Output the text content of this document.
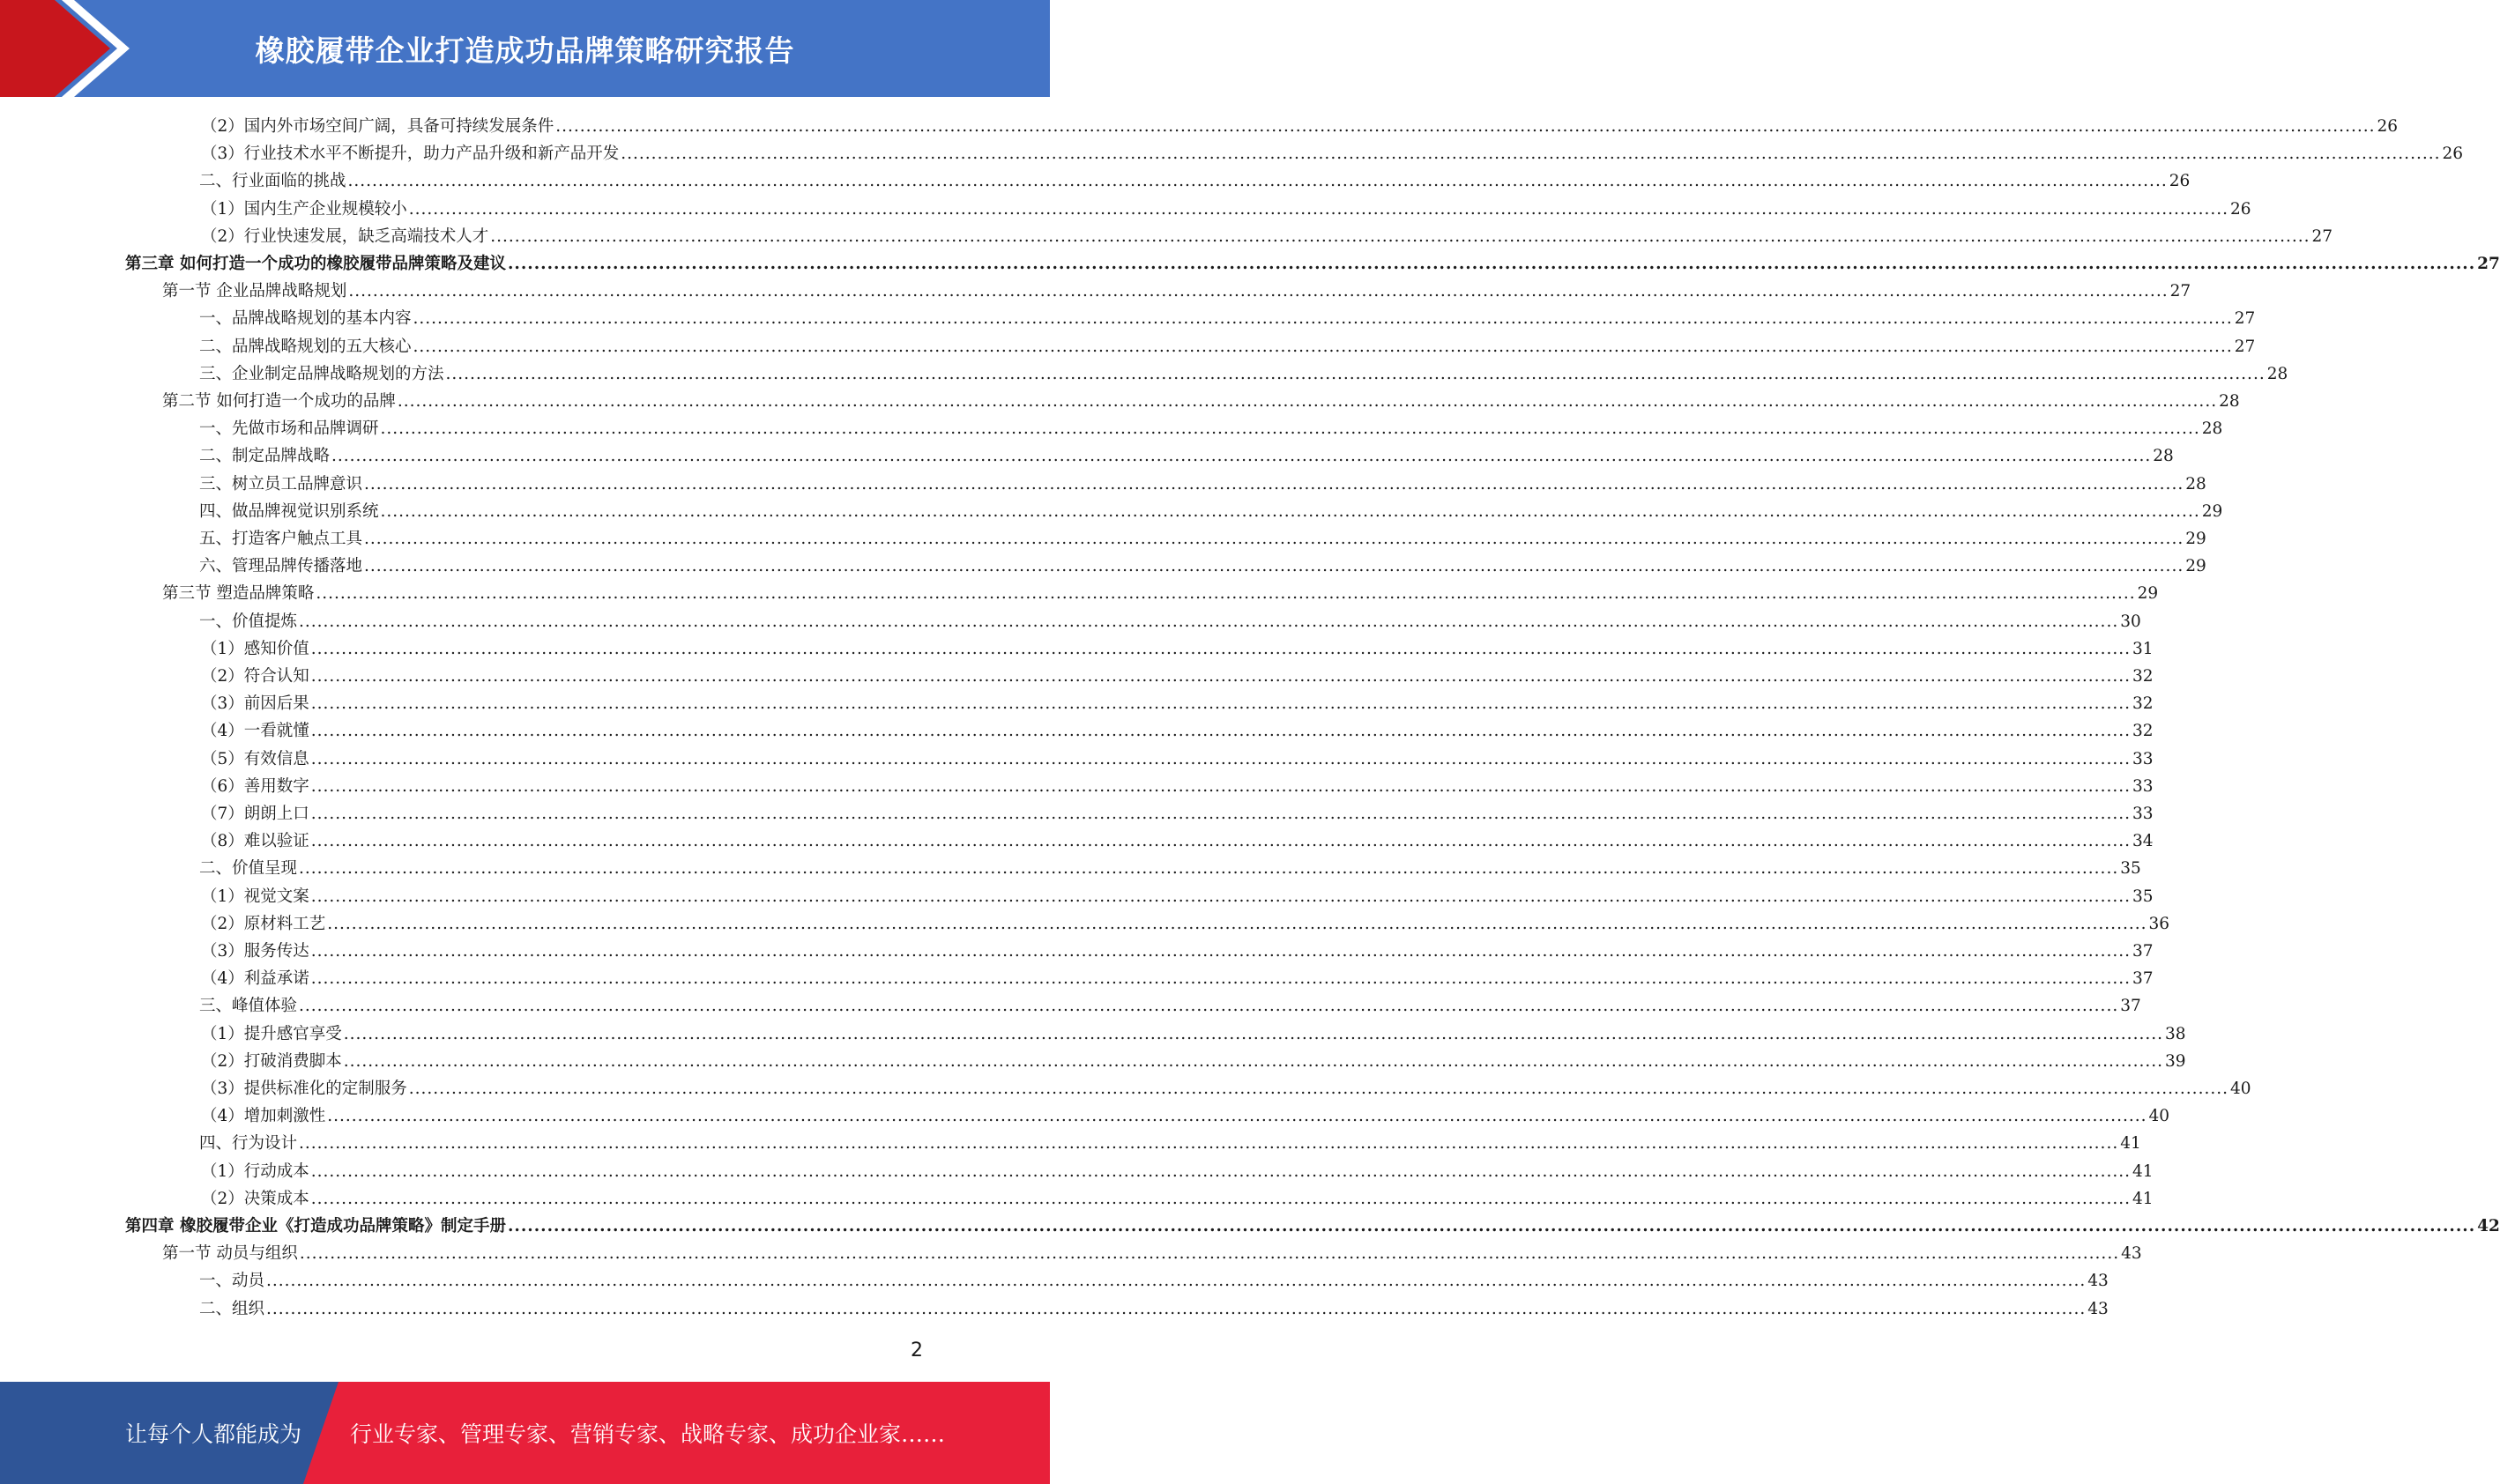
橡胶履带企业打造成功品牌策略研究报告
（2）国内外市场空间广阔，具备可持续发展条件 ............................................................................................................................................................................................................................................................................................................ 26
（3）行业技术水平不断提升，助力产品升级和新产品开发 ............................................................................................................................................................................................................................................................................................................ 26
二、行业面临的挑战 ............................................................................................................................................................................................................................................................................................................ 26
（1）国内生产企业规模较小 ............................................................................................................................................................................................................................................................................................................ 26
（2）行业快速发展，缺乏高端技术人才 ............................................................................................................................................................................................................................................................................................................ 27
第三章 如何打造一个成功的橡胶履带品牌策略及建议 ............................................................................................................................................................................................................................................................................................................ 27
第一节 企业品牌战略规划 ............................................................................................................................................................................................................................................................................................................ 27
一、品牌战略规划的基本内容 ............................................................................................................................................................................................................................................................................................................ 27
二、品牌战略规划的五大核心 ............................................................................................................................................................................................................................................................................................................ 27
三、企业制定品牌战略规划的方法 ............................................................................................................................................................................................................................................................................................................ 28
第二节 如何打造一个成功的品牌 ............................................................................................................................................................................................................................................................................................................ 28
一、先做市场和品牌调研 ............................................................................................................................................................................................................................................................................................................ 28
二、制定品牌战略 ............................................................................................................................................................................................................................................................................................................ 28
三、树立员工品牌意识 ............................................................................................................................................................................................................................................................................................................ 28
四、做品牌视觉识别系统 ............................................................................................................................................................................................................................................................................................................ 29
五、打造客户触点工具 ............................................................................................................................................................................................................................................................................................................ 29
六、管理品牌传播落地 ............................................................................................................................................................................................................................................................................................................ 29
第三节 塑造品牌策略 ............................................................................................................................................................................................................................................................................................................ 29
一、价值提炼 ............................................................................................................................................................................................................................................................................................................ 30
（1）感知价值 ............................................................................................................................................................................................................................................................................................................ 31
（2）符合认知 ............................................................................................................................................................................................................................................................................................................ 32
（3）前因后果 ............................................................................................................................................................................................................................................................................................................ 32
（4）一看就懂 ............................................................................................................................................................................................................................................................................................................ 32
（5）有效信息 ............................................................................................................................................................................................................................................................................................................ 33
（6）善用数字 ............................................................................................................................................................................................................................................................................................................ 33
（7）朗朗上口 ............................................................................................................................................................................................................................................................................................................ 33
（8）难以验证 ............................................................................................................................................................................................................................................................................................................ 34
二、价值呈现 ............................................................................................................................................................................................................................................................................................................ 35
（1）视觉文案 ............................................................................................................................................................................................................................................................................................................ 35
（2）原材料工艺 ............................................................................................................................................................................................................................................................................................................ 36
（3）服务传达 ............................................................................................................................................................................................................................................................................................................ 37
（4）利益承诺 ............................................................................................................................................................................................................................................................................................................ 37
三、峰值体验 ............................................................................................................................................................................................................................................................................................................ 37
（1）提升感官享受 ............................................................................................................................................................................................................................................................................................................ 38
（2）打破消费脚本 ............................................................................................................................................................................................................................................................................................................ 39
（3）提供标准化的定制服务 ............................................................................................................................................................................................................................................................................................................ 40
（4）增加刺激性 ............................................................................................................................................................................................................................................................................................................ 40
四、行为设计 ............................................................................................................................................................................................................................................................................................................ 41
（1）行动成本 ............................................................................................................................................................................................................................................................................................................ 41
（2）决策成本 ............................................................................................................................................................................................................................................................................................................ 41
第四章 橡胶履带企业《打造成功品牌策略》制定手册 ............................................................................................................................................................................................................................................................................................................ 42
第一节 动员与组织 ............................................................................................................................................................................................................................................................................................................ 43
一、动员 ............................................................................................................................................................................................................................................................................................................ 43
二、组织 ............................................................................................................................................................................................................................................................................................................ 43
2
让每个人都能成为 行业专家、管理专家、营销专家、战略专家、成功企业家……
